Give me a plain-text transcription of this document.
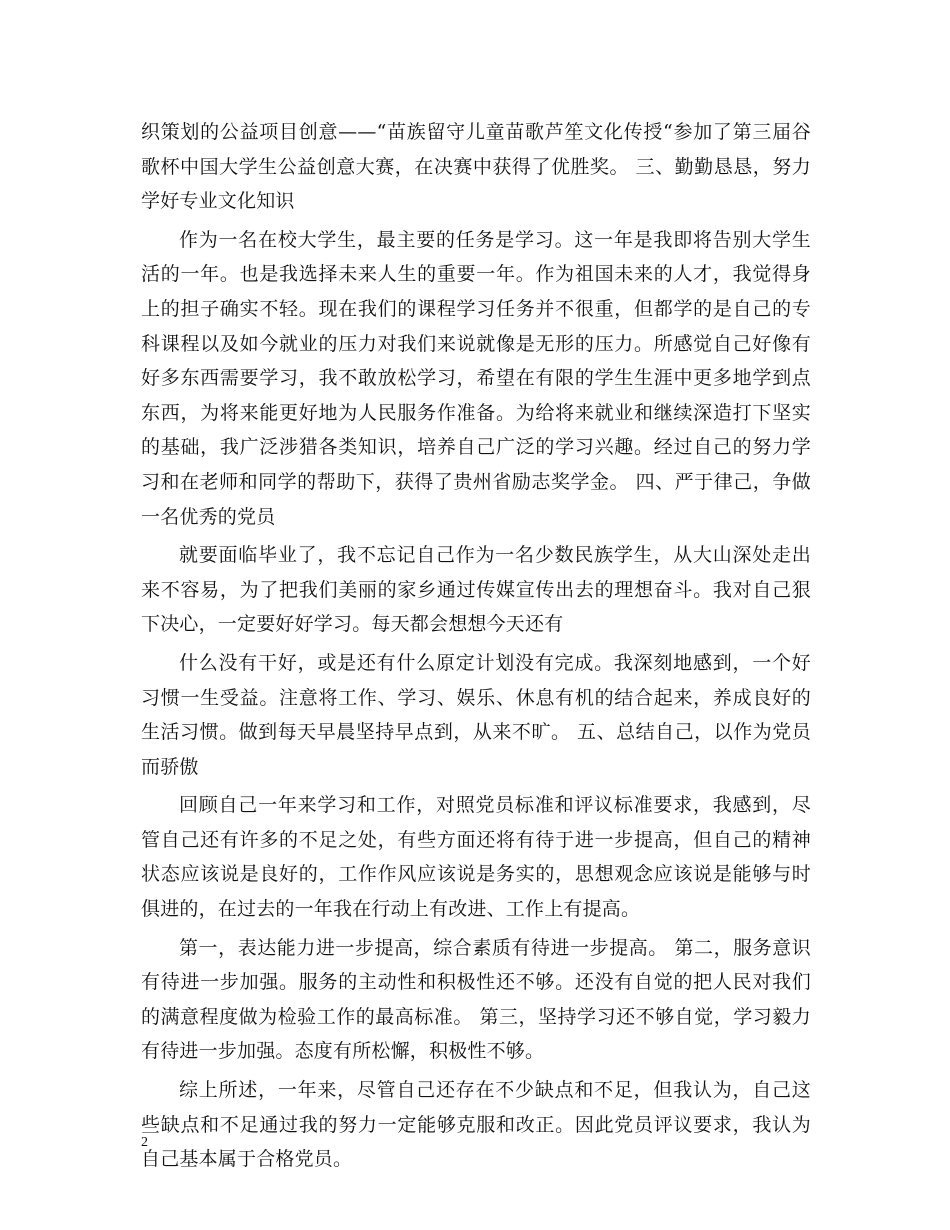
织策划的公益项目创意——“苗族留守儿童苗歌芦笙文化传授“参加了第三届谷歌杯中国大学生公益创意大赛，在决赛中获得了优胜奖。 三、勤勤恳恳，努力学好专业文化知识

作为一名在校大学生，最主要的任务是学习。这一年是我即将告别大学生活的一年。也是我选择未来人生的重要一年。作为祖国未来的人才，我觉得身上的担子确实不轻。现在我们的课程学习任务并不很重，但都学的是自己的专科课程以及如今就业的压力对我们来说就像是无形的压力。所感觉自己好像有好多东西需要学习，我不敢放松学习，希望在有限的学生生涯中更多地学到点东西，为将来能更好地为人民服务作准备。为给将来就业和继续深造打下坚实的基础，我广泛涉猎各类知识，培养自己广泛的学习兴趣。经过自己的努力学习和在老师和同学的帮助下，获得了贵州省励志奖学金。 四、严于律己，争做一名优秀的党员

就要面临毕业了，我不忘记自己作为一名少数民族学生，从大山深处走出来不容易，为了把我们美丽的家乡通过传媒宣传出去的理想奋斗。我对自己狠下决心，一定要好好学习。每天都会想想今天还有

什么没有干好，或是还有什么原定计划没有完成。我深刻地感到，一个好习惯一生受益。注意将工作、学习、娱乐、休息有机的结合起来，养成良好的生活习惯。做到每天早晨坚持早点到，从来不旷。 五、总结自己，以作为党员而骄傲

回顾自己一年来学习和工作，对照党员标准和评议标准要求，我感到，尽管自己还有许多的不足之处，有些方面还将有待于进一步提高，但自己的精神状态应该说是良好的，工作作风应该说是务实的，思想观念应该说是能够与时俱进的，在过去的一年我在行动上有改进、工作上有提高。

第一，表达能力进一步提高，综合素质有待进一步提高。 第二，服务意识有待进一步加强。服务的主动性和积极性还不够。还没有自觉的把人民对我们的满意程度做为检验工作的最高标准。 第三，坚持学习还不够自觉，学习毅力有待进一步加强。态度有所松懈，积极性不够。

综上所述，一年来，尽管自己还存在不少缺点和不足，但我认为，自己这些缺点和不足通过我的努力一定能够克服和改正。因此党员评议要求，我认为自己基本属于合格党员。

2
